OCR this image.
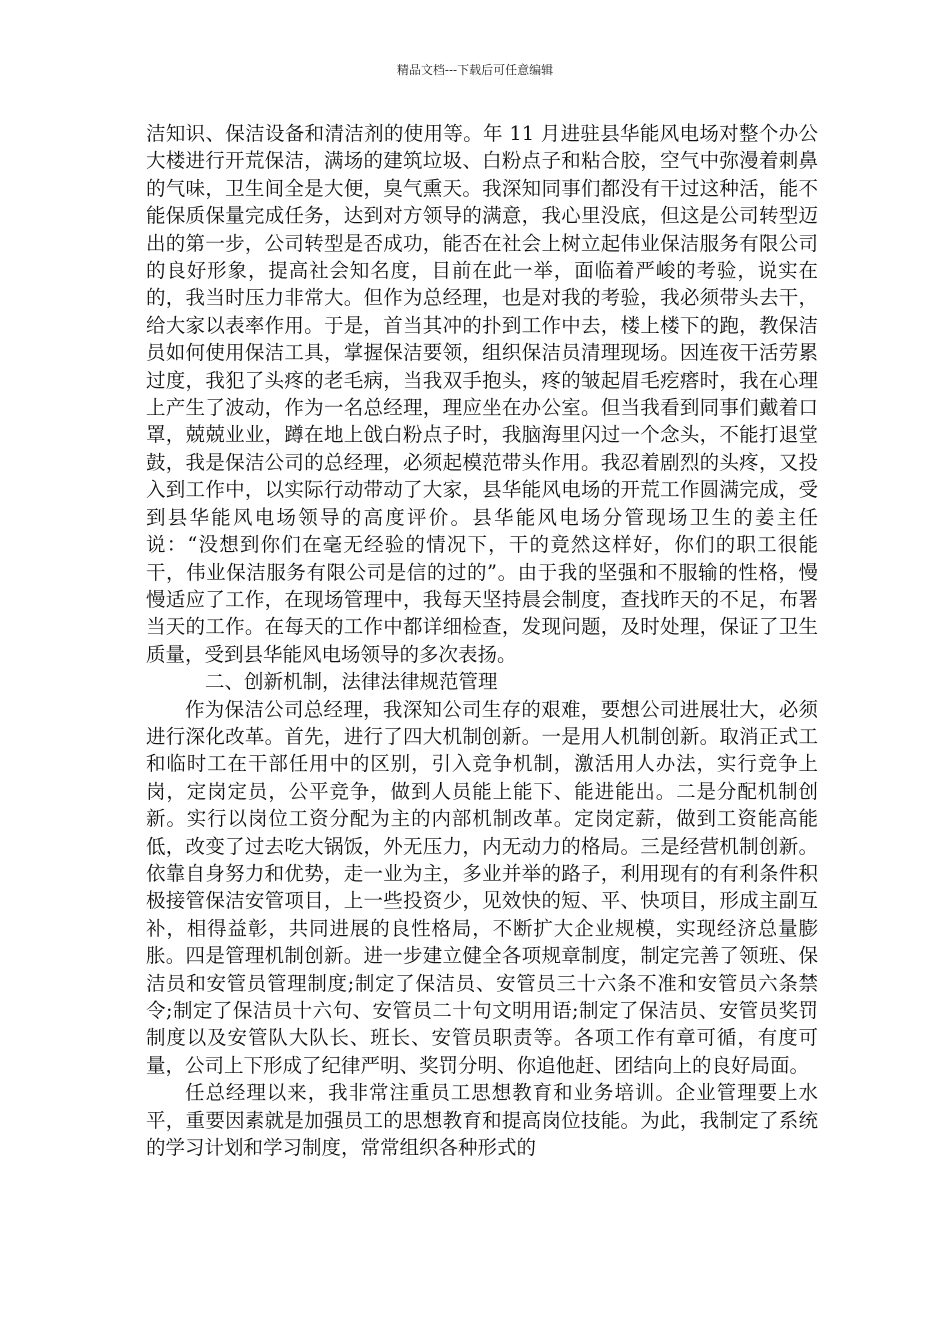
精品文档---下载后可任意编辑

洁知识、保洁设备和清洁剂的使用等。年 11 月进驻县华能风电场对整个办公大楼进行开荒保洁，满场的建筑垃圾、白粉点子和粘合胶，空气中弥漫着刺鼻的气味，卫生间全是大便，臭气熏天。我深知同事们都没有干过这种活，能不能保质保量完成任务，达到对方领导的满意，我心里没底，但这是公司转型迈出的第一步，公司转型是否成功，能否在社会上树立起伟业保洁服务有限公司的良好形象，提高社会知名度，目前在此一举，面临着严峻的考验，说实在的，我当时压力非常大。但作为总经理，也是对我的考验，我必须带头去干，给大家以表率作用。于是，首当其冲的扑到工作中去，楼上楼下的跑，教保洁员如何使用保洁工具，掌握保洁要领，组织保洁员清理现场。因连夜干活劳累过度，我犯了头疼的老毛病，当我双手抱头，疼的皱起眉毛疙瘩时，我在心理上产生了波动，作为一名总经理，理应坐在办公室。但当我看到同事们戴着口罩，兢兢业业，蹲在地上戗白粉点子时，我脑海里闪过一个念头，不能打退堂鼓，我是保洁公司的总经理，必须起模范带头作用。我忍着剧烈的头疼，又投入到工作中，以实际行动带动了大家，县华能风电场的开荒工作圆满完成，受到县华能风电场领导的高度评价。县华能风电场分管现场卫生的姜主任说：“没想到你们在毫无经验的情况下，干的竟然这样好，你们的职工很能干，伟业保洁服务有限公司是信的过的”。由于我的坚强和不服输的性格，慢慢适应了工作，在现场管理中，我每天坚持晨会制度，查找昨天的不足，布署当天的工作。在每天的工作中都详细检查，发现问题，及时处理，保证了卫生质量，受到县华能风电场领导的多次表扬。

二、创新机制，法律法律规范管理

作为保洁公司总经理，我深知公司生存的艰难，要想公司进展壮大，必须进行深化改革。首先，进行了四大机制创新。一是用人机制创新。取消正式工和临时工在干部任用中的区别，引入竞争机制，激活用人办法，实行竞争上岗，定岗定员，公平竞争，做到人员能上能下、能进能出。二是分配机制创新。实行以岗位工资分配为主的内部机制改革。定岗定薪，做到工资能高能低，改变了过去吃大锅饭，外无压力，内无动力的格局。三是经营机制创新。依靠自身努力和优势，走一业为主，多业并举的路子，利用现有的有利条件积极接管保洁安管项目，上一些投资少，见效快的短、平、快项目，形成主副互补，相得益彰，共同进展的良性格局，不断扩大企业规模，实现经济总量膨胀。四是管理机制创新。进一步建立健全各项规章制度，制定完善了领班、保洁员和安管员管理制度;制定了保洁员、安管员三十六条不准和安管员六条禁令;制定了保洁员十六句、安管员二十句文明用语;制定了保洁员、安管员奖罚制度以及安管队大队长、班长、安管员职责等。各项工作有章可循，有度可量，公司上下形成了纪律严明、奖罚分明、你追他赶、团结向上的良好局面。

任总经理以来，我非常注重员工思想教育和业务培训。企业管理要上水平，重要因素就是加强员工的思想教育和提高岗位技能。为此，我制定了系统的学习计划和学习制度，常常组织各种形式的
